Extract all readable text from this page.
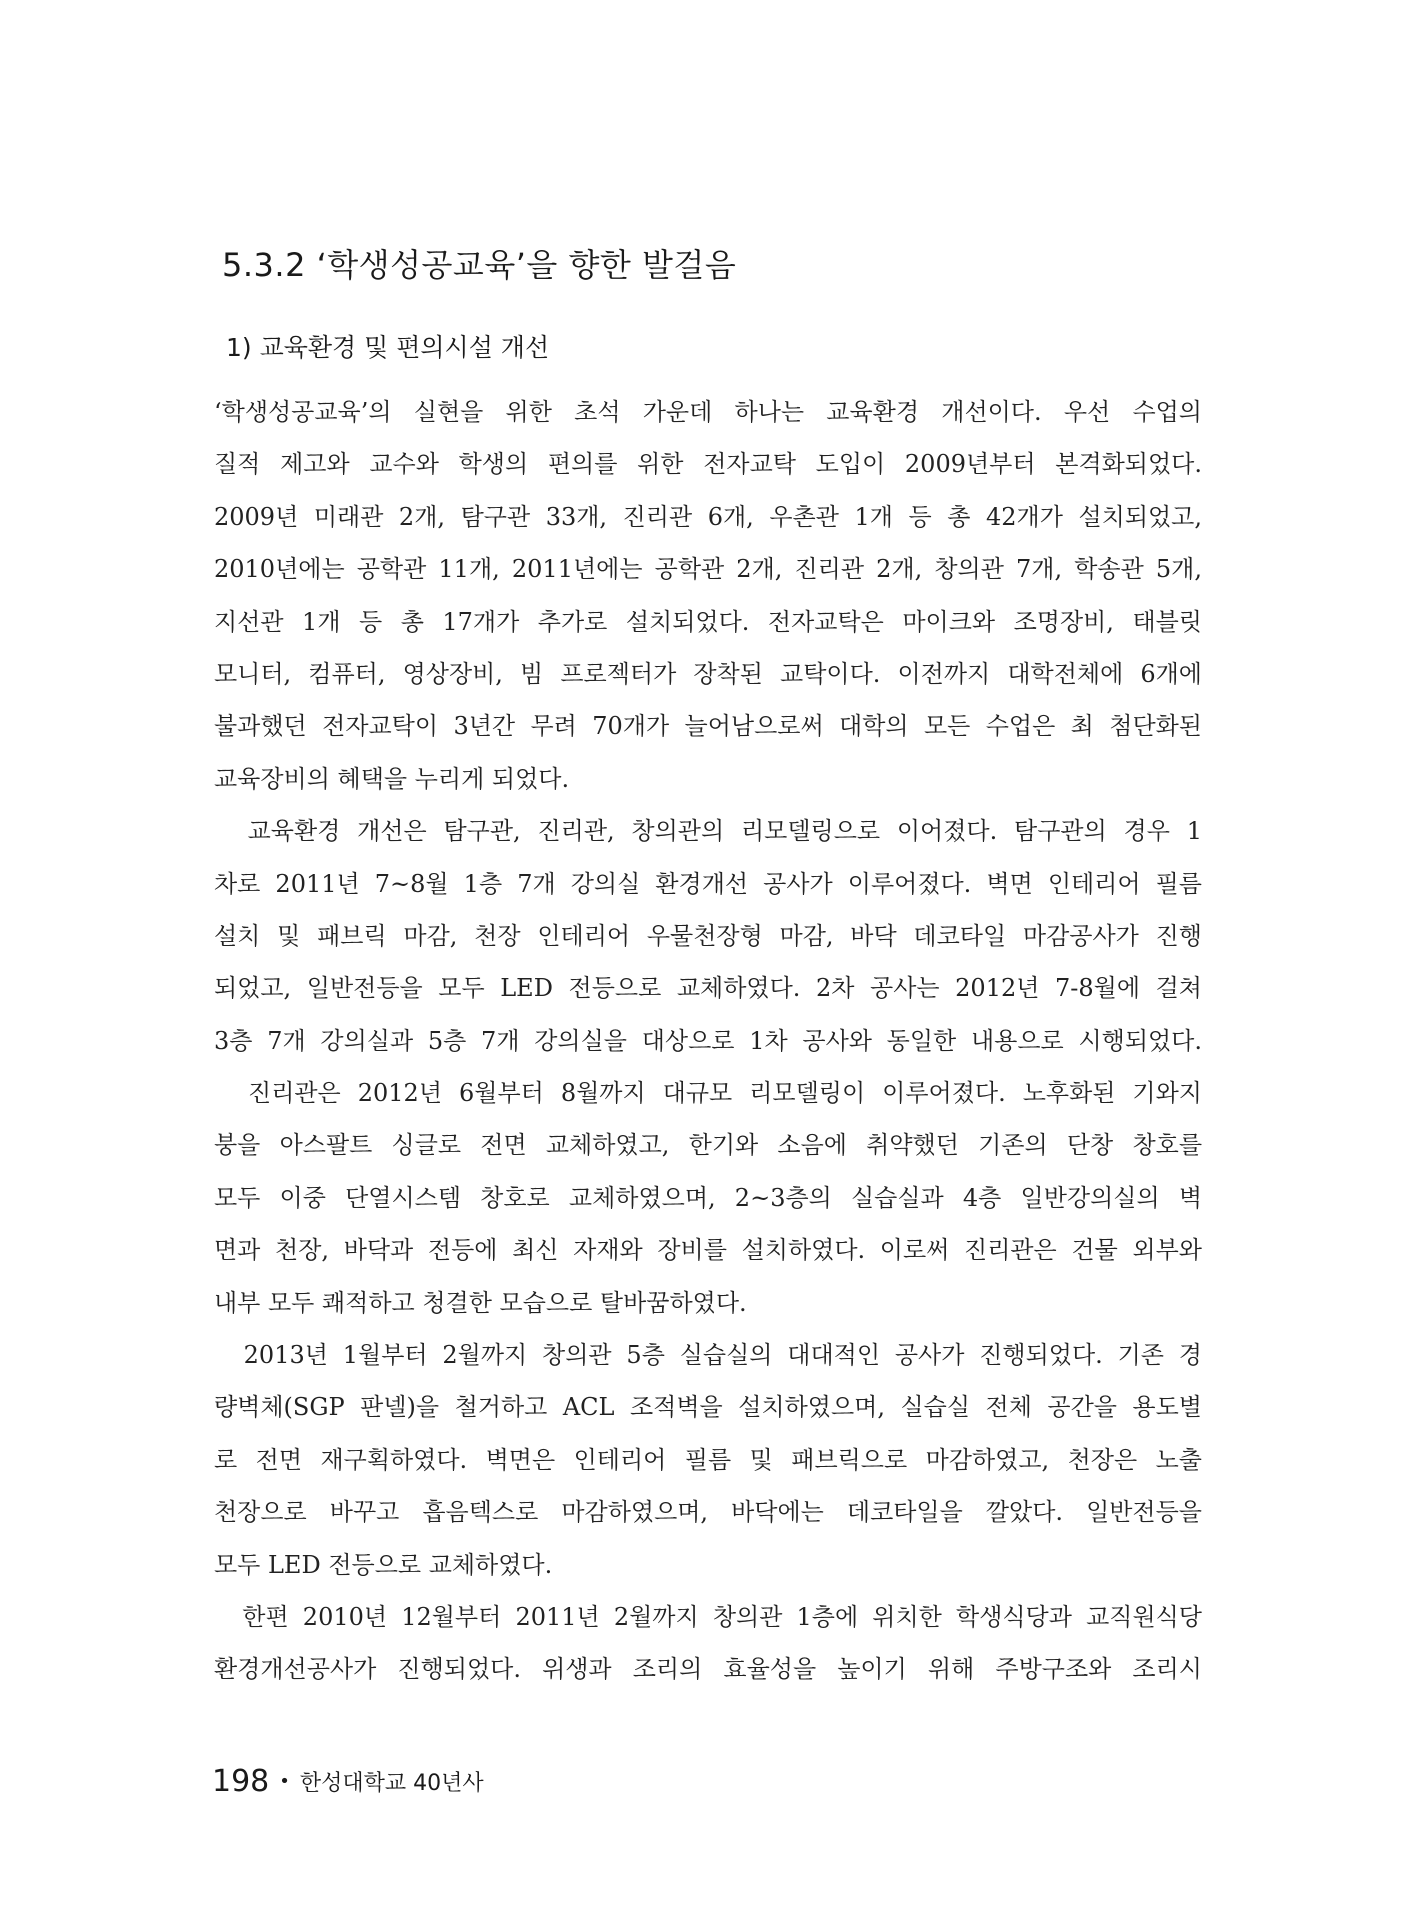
5.3.2 ‘학생성공교육’을 향한 발걸음
1) 교육환경 및 편의시설 개선
‘학생성공교육’의 실현을 위한 초석 가운데 하나는 교육환경 개선이다. 우선 수업의
질적 제고와 교수와 학생의 편의를 위한 전자교탁 도입이 2009년부터 본격화되었다.
2009년 미래관 2개, 탐구관 33개, 진리관 6개, 우촌관 1개 등 총 42개가 설치되었고,
2010년에는 공학관 11개, 2011년에는 공학관 2개, 진리관 2개, 창의관 7개, 학송관 5개,
지선관 1개 등 총 17개가 추가로 설치되었다. 전자교탁은 마이크와 조명장비, 태블릿
모니터, 컴퓨터, 영상장비, 빔 프로젝터가 장착된 교탁이다. 이전까지 대학전체에 6개에
불과했던 전자교탁이 3년간 무려 70개가 늘어남으로써 대학의 모든 수업은 최 첨단화된
교육장비의 혜택을 누리게 되었다.
교육환경 개선은 탐구관, 진리관, 창의관의 리모델링으로 이어졌다. 탐구관의 경우 1
차로 2011년 7~8월 1층 7개 강의실 환경개선 공사가 이루어졌다. 벽면 인테리어 필름
설치 및 패브릭 마감, 천장 인테리어 우물천장형 마감, 바닥 데코타일 마감공사가 진행
되었고, 일반전등을 모두 LED 전등으로 교체하였다. 2차 공사는 2012년 7-8월에 걸쳐
3층 7개 강의실과 5층 7개 강의실을 대상으로 1차 공사와 동일한 내용으로 시행되었다.
진리관은 2012년 6월부터 8월까지 대규모 리모델링이 이루어졌다. 노후화된 기와지
붕을 아스팔트 싱글로 전면 교체하였고, 한기와 소음에 취약했던 기존의 단창 창호를
모두 이중 단열시스템 창호로 교체하였으며, 2~3층의 실습실과 4층 일반강의실의 벽
면과 천장, 바닥과 전등에 최신 자재와 장비를 설치하였다. 이로써 진리관은 건물 외부와
내부 모두 쾌적하고 청결한 모습으로 탈바꿈하였다.
2013년 1월부터 2월까지 창의관 5층 실습실의 대대적인 공사가 진행되었다. 기존 경
량벽체(SGP 판넬)을 철거하고 ACL 조적벽을 설치하였으며, 실습실 전체 공간을 용도별
로 전면 재구획하였다. 벽면은 인테리어 필름 및 패브릭으로 마감하였고, 천장은 노출
천장으로 바꾸고 흡음텍스로 마감하였으며, 바닥에는 데코타일을 깔았다. 일반전등을
모두 LED 전등으로 교체하였다.
한편 2010년 12월부터 2011년 2월까지 창의관 1층에 위치한 학생식당과 교직원식당
환경개선공사가 진행되었다. 위생과 조리의 효율성을 높이기 위해 주방구조와 조리시
198 • 한성대학교 40년사
